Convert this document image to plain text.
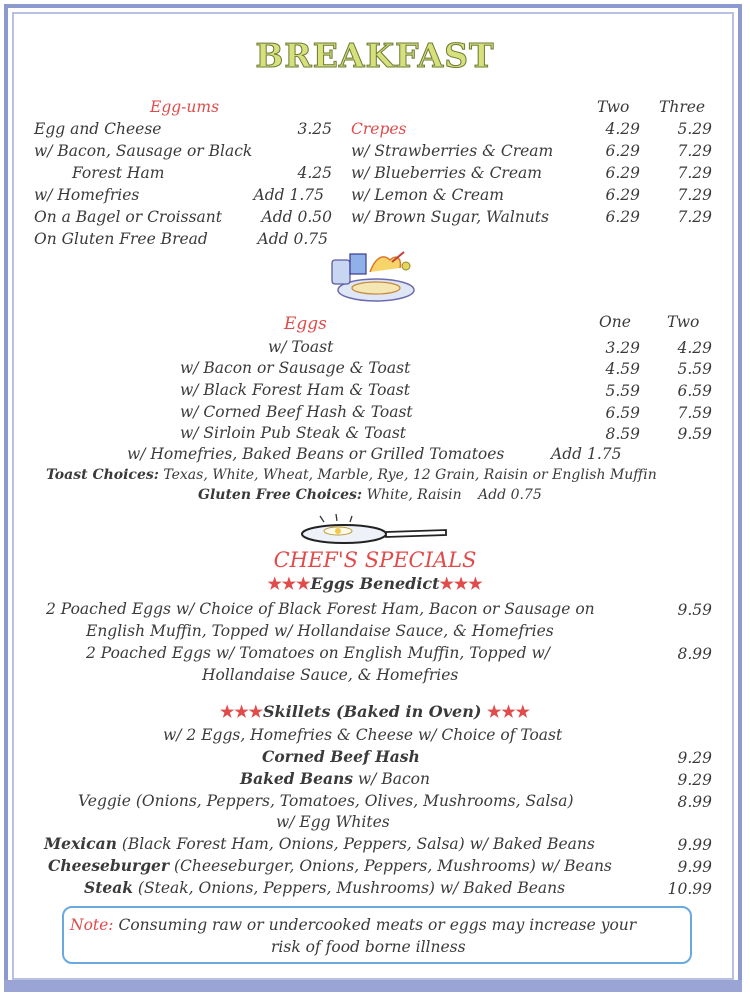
BREAKFAST
Egg-ums
Egg and Cheese	3.25
w/ Bacon, Sausage or Black
Forest Ham	4.25
w/ Homefries	Add 1.75
On a Bagel or Croissant	Add 0.50
On Gluten Free Bread	Add 0.75
Two Three
Crepes	4.29	5.29
w/ Strawberries & Cream	6.29	7.29
w/ Blueberries & Cream	6.29	7.29
w/ Lemon & Cream	6.29	7.29
w/ Brown Sugar, Walnuts	6.29	7.29
Eggs	One Two
w/ Toast	3.29	4.29
w/ Bacon or Sausage & Toast	4.59	5.59
w/ Black Forest Ham & Toast	5.59	6.59
w/ Corned Beef Hash & Toast	6.59	7.59
w/ Sirloin Pub Steak & Toast	8.59	9.59
w/ Homefries, Baked Beans or Grilled Tomatoes	Add 1.75
Toast Choices: Texas, White, Wheat, Marble, Rye, 12 Grain, Raisin or English Muffin
Gluten Free Choices: White, Raisin Add 0.75
CHEF'S SPECIALS
★★★Eggs Benedict★★★
2 Poached Eggs w/ Choice of Black Forest Ham, Bacon or Sausage on
English Muffin, Topped w/ Hollandaise Sauce, & Homefries
9.59
2 Poached Eggs w/ Tomatoes on English Muffin, Topped w/
Hollandaise Sauce, & Homefries
8.99
★★★Skillets (Baked in Oven) ★★★
w/ 2 Eggs, Homefries & Cheese w/ Choice of Toast
Corned Beef Hash	9.29
Baked Beans w/ Bacon	9.29
Veggie (Onions, Peppers, Tomatoes, Olives, Mushrooms, Salsa)	8.99
w/ Egg Whites
Mexican (Black Forest Ham, Onions, Peppers, Salsa) w/ Baked Beans	9.99
Cheeseburger (Cheeseburger, Onions, Peppers, Mushrooms) w/ Beans	9.99
Steak (Steak, Onions, Peppers, Mushrooms) w/ Baked Beans	10.99
Note: Consuming raw or undercooked meats or eggs may increase your
risk of food borne illness
